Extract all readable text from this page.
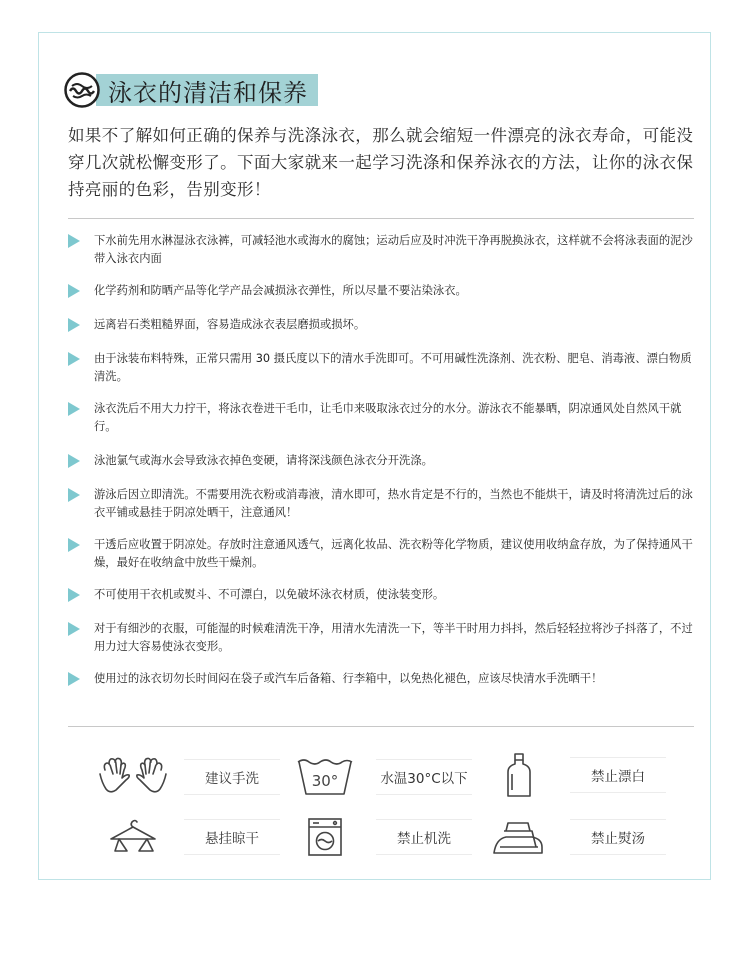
泳衣的清洁和保养

如果不了解如何正确的保养与洗涤泳衣，那么就会缩短一件漂亮的泳衣寿命，可能没穿几次就松懈变形了。下面大家就来一起学习洗涤和保养泳衣的方法，让你的泳衣保持亮丽的色彩，告别变形！

下水前先用水淋湿泳衣泳裤，可减轻池水或海水的腐蚀；运动后应及时冲洗干净再脱换泳衣，这样就不会将泳表面的泥沙带入泳衣内面
化学药剂和防晒产品等化学产品会减损泳衣弹性，所以尽量不要沾染泳衣。
远离岩石类粗糙界面，容易造成泳衣表层磨损或损坏。
由于泳装布料特殊，正常只需用 30 摄氏度以下的清水手洗即可。不可用碱性洗涤剂、洗衣粉、肥皂、消毒液、漂白物质清洗。
泳衣洗后不用大力拧干，将泳衣卷进干毛巾，让毛巾来吸取泳衣过分的水分。游泳衣不能暴晒，阴凉通风处自然风干就行。
泳池氯气或海水会导致泳衣掉色变硬，请将深浅颜色泳衣分开洗涤。
游泳后因立即清洗。不需要用洗衣粉或消毒液，清水即可，热水肯定是不行的，当然也不能烘干，请及时将清洗过后的泳衣平铺或悬挂于阴凉处晒干，注意通风！
干透后应收置于阴凉处。存放时注意通风透气，远离化妆品、洗衣粉等化学物质，建议使用收纳盒存放，为了保持通风干燥，最好在收纳盒中放些干燥剂。
不可使用干衣机或熨斗、不可漂白，以免破坏泳衣材质，使泳装变形。
对于有细沙的衣服，可能湿的时候难清洗干净，用清水先清洗一下，等半干时用力抖抖，然后轻轻拉将沙子抖落了，不过用力过大容易使泳衣变形。
使用过的泳衣切勿长时间闷在袋子或汽车后备箱、行李箱中，以免热化褪色，应该尽快清水手洗晒干！
建议手洗	30°	水温30°C以下	禁止漂白
悬挂晾干	禁止机洗	禁止熨汤
